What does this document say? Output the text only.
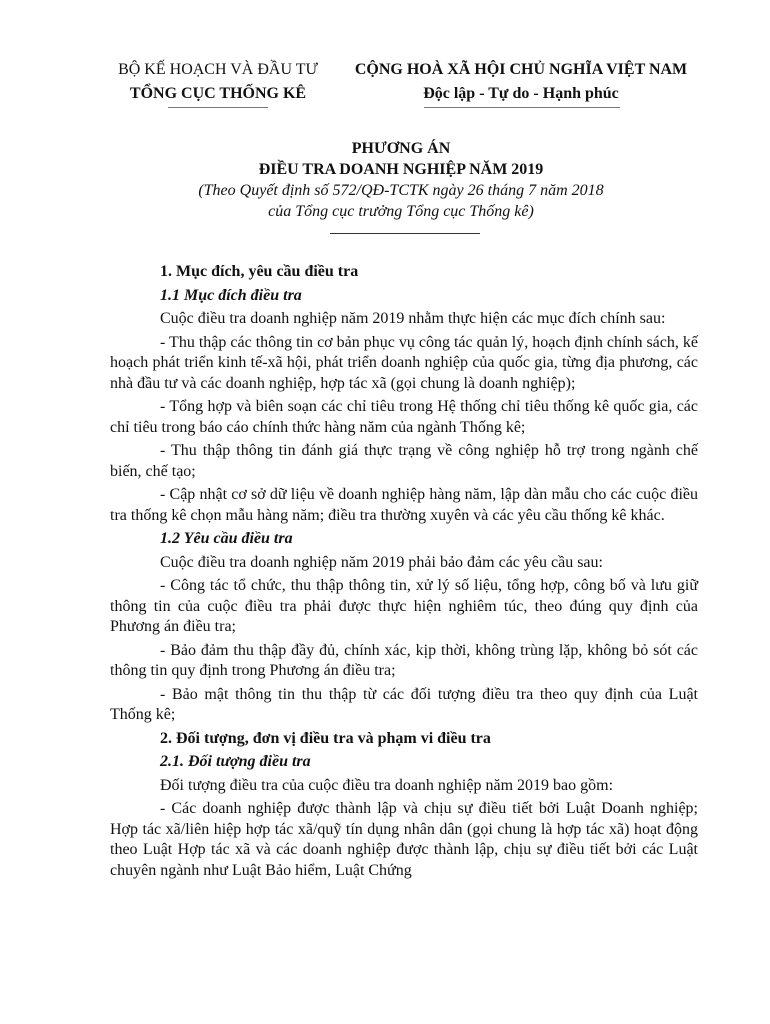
BỘ KẾ HOẠCH VÀ ĐẦU TƯ
TỔNG CỤC THỐNG KÊ
CỘNG HOÀ XÃ HỘI CHỦ NGHĨA VIỆT NAM
Độc lập - Tự do - Hạnh phúc
PHƯƠNG ÁN
ĐIỀU TRA DOANH NGHIỆP NĂM 2019
(Theo Quyết định số 572/QĐ-TCTK ngày 26 tháng 7 năm 2018
của Tổng cục trưởng Tổng cục Thống kê)
1. Mục đích, yêu cầu điều tra
1.1 Mục đích điều tra

Cuộc điều tra doanh nghiệp năm 2019 nhằm thực hiện các mục đích chính sau:

- Thu thập các thông tin cơ bản phục vụ công tác quản lý, hoạch định chính sách, kế hoạch phát triển kinh tế-xã hội, phát triển doanh nghiệp của quốc gia, từng địa phương, các nhà đầu tư và các doanh nghiệp, hợp tác xã (gọi chung là doanh nghiệp);

- Tổng hợp và biên soạn các chỉ tiêu trong Hệ thống chỉ tiêu thống kê quốc gia, các chỉ tiêu trong báo cáo chính thức hàng năm của ngành Thống kê;

- Thu thập thông tin đánh giá thực trạng về công nghiệp hỗ trợ trong ngành chế biến, chế tạo;

- Cập nhật cơ sở dữ liệu về doanh nghiệp hàng năm, lập dàn mẫu cho các cuộc điều tra thống kê chọn mẫu hàng năm; điều tra thường xuyên và các yêu cầu thống kê khác.

1.2 Yêu cầu điều tra

Cuộc điều tra doanh nghiệp năm 2019 phải bảo đảm các yêu cầu sau:

- Công tác tổ chức, thu thập thông tin, xử lý số liệu, tổng hợp, công bố và lưu giữ thông tin của cuộc điều tra phải được thực hiện nghiêm túc, theo đúng quy định của Phương án điều tra;

- Bảo đảm thu thập đầy đủ, chính xác, kịp thời, không trùng lặp, không bỏ sót các thông tin quy định trong Phương án điều tra;

- Bảo mật thông tin thu thập từ các đối tượng điều tra theo quy định của Luật Thống kê;

2. Đối tượng, đơn vị điều tra và phạm vi điều tra
2.1. Đối tượng điều tra

Đối tượng điều tra của cuộc điều tra doanh nghiệp năm 2019 bao gồm:

- Các doanh nghiệp được thành lập và chịu sự điều tiết bởi Luật Doanh nghiệp; Hợp tác xã/liên hiệp hợp tác xã/quỹ tín dụng nhân dân (gọi chung là hợp tác xã) hoạt động theo Luật Hợp tác xã và các doanh nghiệp được thành lập, chịu sự điều tiết bởi các Luật chuyên ngành như Luật Bảo hiểm, Luật Chứng
